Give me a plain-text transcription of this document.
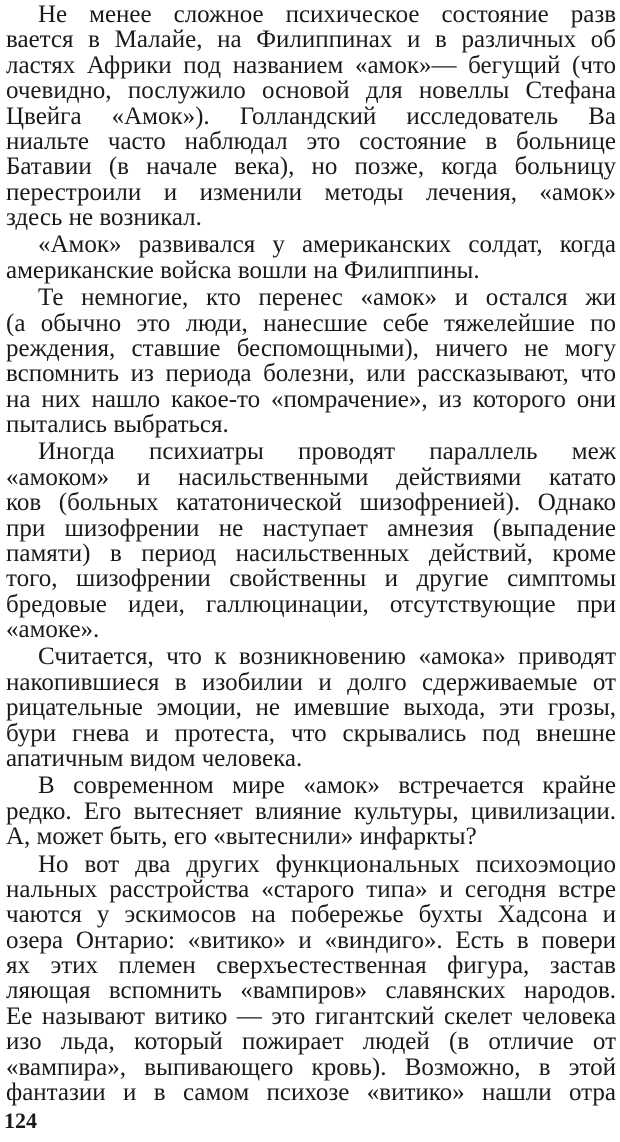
Не менее сложное психическое состояние разв
вается в Малайе, на Филиппинах и в различных об
ластях Африки под названием «амок»— бегущий (что
очевидно, послужило основой для новеллы Стефана
Цвейга «Амок»). Голландский исследователь Ва
ниальте часто наблюдал это состояние в больнице
Батавии (в начале века), но позже, когда больницу
перестроили и изменили методы лечения, «амок»
здесь не возникал.
«Амок» развивался у американских солдат, когда
американские войска вошли на Филиппины.
Те немногие, кто перенес «амок» и остался жи
(а обычно это люди, нанесшие себе тяжелейшие по
реждения, ставшие беспомощными), ничего не могу
вспомнить из периода болезни, или рассказывают, что
на них нашло какое-то «помрачение», из которого они
пытались выбраться.
Иногда психиатры проводят параллель меж
«амоком» и насильственными действиями катато
ков (больных кататонической шизофренией). Однако
при шизофрении не наступает амнезия (выпадение
памяти) в период насильственных действий, кроме
того, шизофрении свойственны и другие симптомы
бредовые идеи, галлюцинации, отсутствующие при
«амоке».
Считается, что к возникновению «амока» приводят
накопившиеся в изобилии и долго сдерживаемые от
рицательные эмоции, не имевшие выхода, эти грозы,
бури гнева и протеста, что скрывались под внешне
апатичным видом человека.
В современном мире «амок» встречается крайне
редко. Его вытесняет влияние культуры, цивилизации.
А, может быть, его «вытеснили» инфаркты?
Но вот два других функциональных психоэмоцио
нальных расстройства «старого типа» и сегодня встре
чаются у эскимосов на побережье бухты Хадсона и
озера Онтарио: «витико» и «виндиго». Есть в повери
ях этих племен сверхъестественная фигура, застав
ляющая вспомнить «вампиров» славянских народов.
Ее называют витико — это гигантский скелет человека
изо льда, который пожирает людей (в отличие от
«вампира», выпивающего кровь). Возможно, в этой
фантазии и в самом психозе «витико» нашли отра
124
